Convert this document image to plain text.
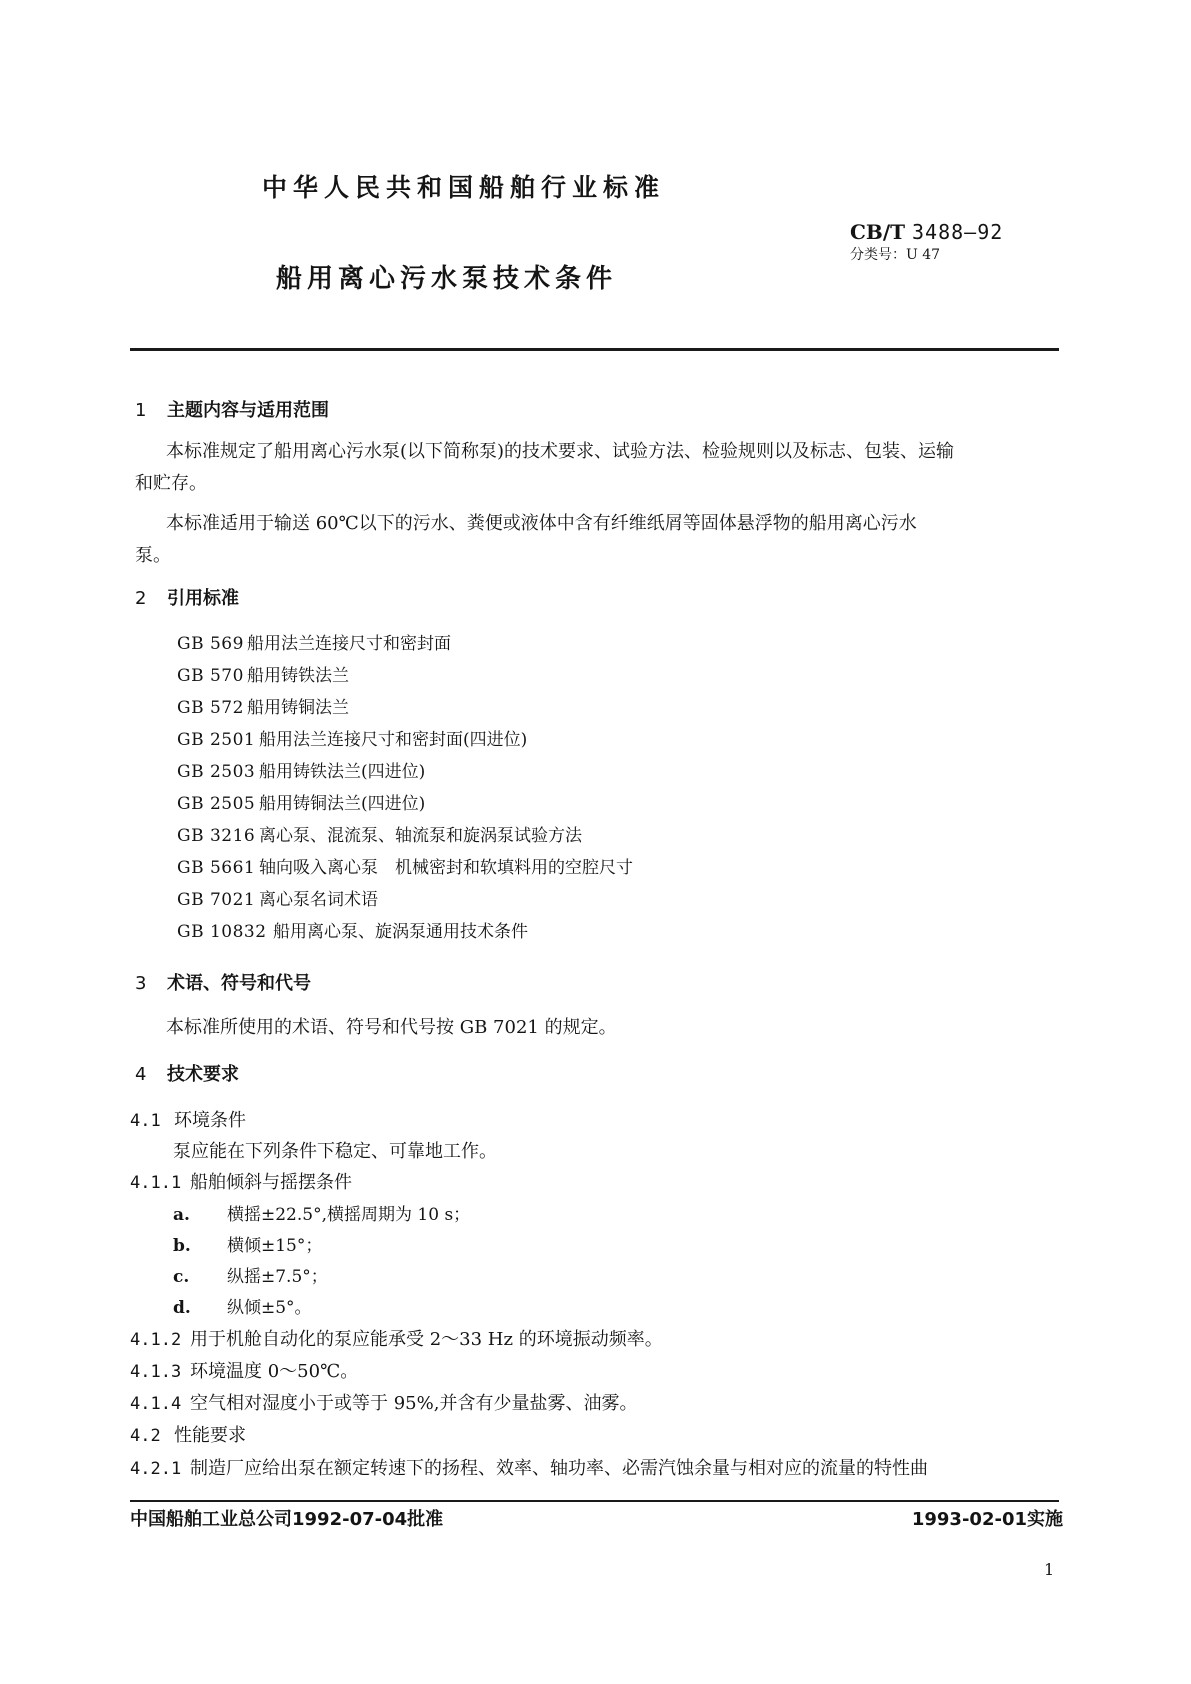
中华人民共和国船舶行业标准
船用离心污水泵技术条件
CB/T 3488—92
分类号：U 47
1 主题内容与适用范围
本标准规定了船用离心污水泵(以下简称泵)的技术要求、试验方法、检验规则以及标志、包装、运输
和贮存。
本标准适用于输送 60℃以下的污水、粪便或液体中含有纤维纸屑等固体悬浮物的船用离心污水
泵。
2 引用标准
GB 569 船用法兰连接尺寸和密封面
GB 570 船用铸铁法兰
GB 572 船用铸铜法兰
GB 2501 船用法兰连接尺寸和密封面(四进位)
GB 2503 船用铸铁法兰(四进位)
GB 2505 船用铸铜法兰(四进位)
GB 3216 离心泵、混流泵、轴流泵和旋涡泵试验方法
GB 5661 轴向吸入离心泵　机械密封和软填料用的空腔尺寸
GB 7021 离心泵名词术语
GB 10832 船用离心泵、旋涡泵通用技术条件
3 术语、符号和代号
本标准所使用的术语、符号和代号按 GB 7021 的规定。
4 技术要求
4.1 环境条件
泵应能在下列条件下稳定、可靠地工作。
4.1.1 船舶倾斜与摇摆条件
a. 横摇±22.5°,横摇周期为 10 s；
b. 横倾±15°；
c. 纵摇±7.5°；
d. 纵倾±5°。
4.1.2 用于机舱自动化的泵应能承受 2～33 Hz 的环境振动频率。
4.1.3 环境温度 0～50℃。
4.1.4 空气相对湿度小于或等于 95%,并含有少量盐雾、油雾。
4.2 性能要求
4.2.1 制造厂应给出泵在额定转速下的扬程、效率、轴功率、必需汽蚀余量与相对应的流量的特性曲
中国船舶工业总公司1992-07-04批准	1993-02-01实施
1
